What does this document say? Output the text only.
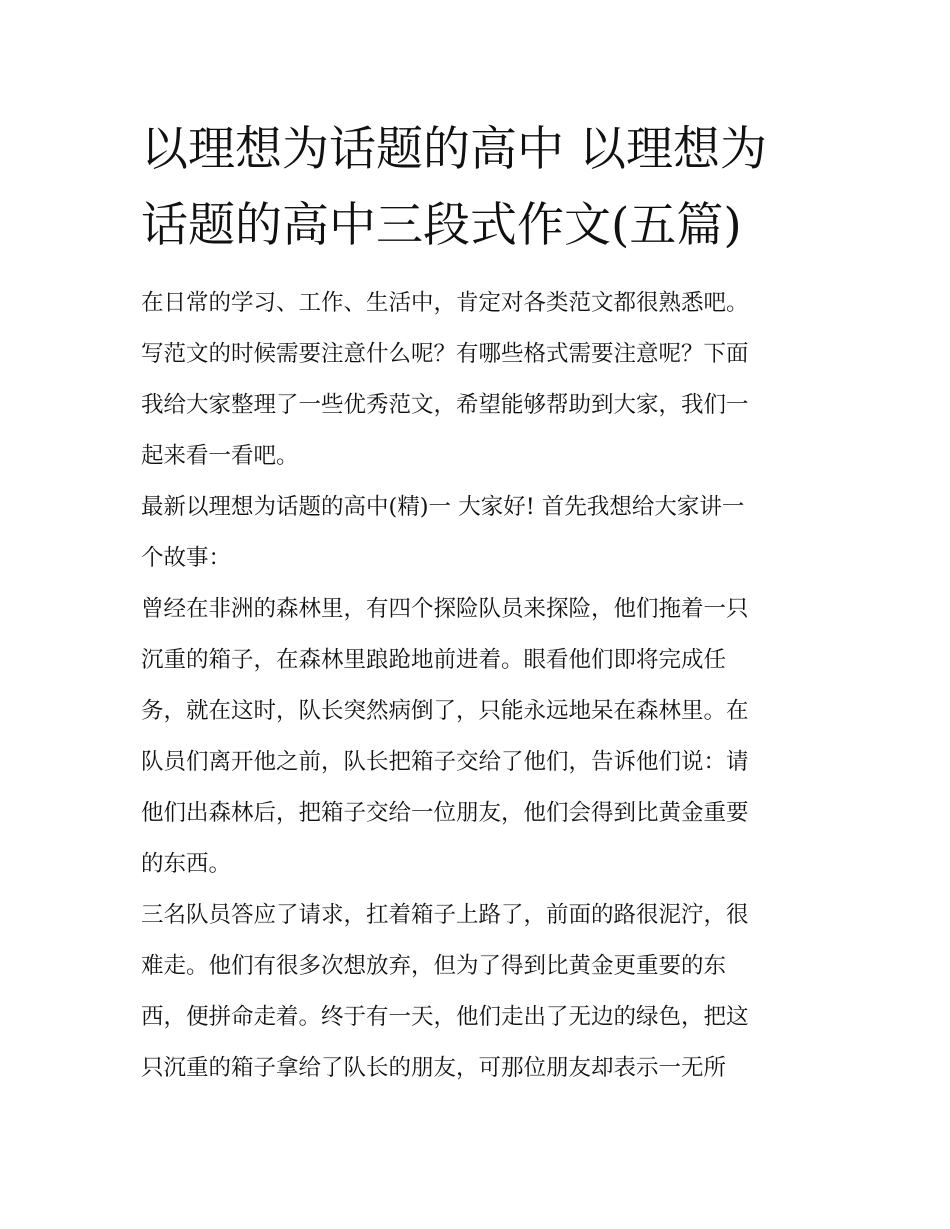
以理想为话题的高中 以理想为
话题的高中三段式作文(五篇)

在日常的学习、工作、生活中，肯定对各类范文都很熟悉吧。
写范文的时候需要注意什么呢？有哪些格式需要注意呢？下面
我给大家整理了一些优秀范文，希望能够帮助到大家，我们一
起来看一看吧。

最新以理想为话题的高中(精)一 大家好! 首先我想给大家讲一
个故事：

曾经在非洲的森林里，有四个探险队员来探险，他们拖着一只
沉重的箱子，在森林里踉跄地前进着。眼看他们即将完成任
务，就在这时，队长突然病倒了，只能永远地呆在森林里。在
队员们离开他之前，队长把箱子交给了他们，告诉他们说：请
他们出森林后，把箱子交给一位朋友，他们会得到比黄金重要
的东西。

三名队员答应了请求，扛着箱子上路了，前面的路很泥泞，很
难走。他们有很多次想放弃，但为了得到比黄金更重要的东
西，便拼命走着。终于有一天，他们走出了无边的绿色，把这
只沉重的箱子拿给了队长的朋友，可那位朋友却表示一无所
